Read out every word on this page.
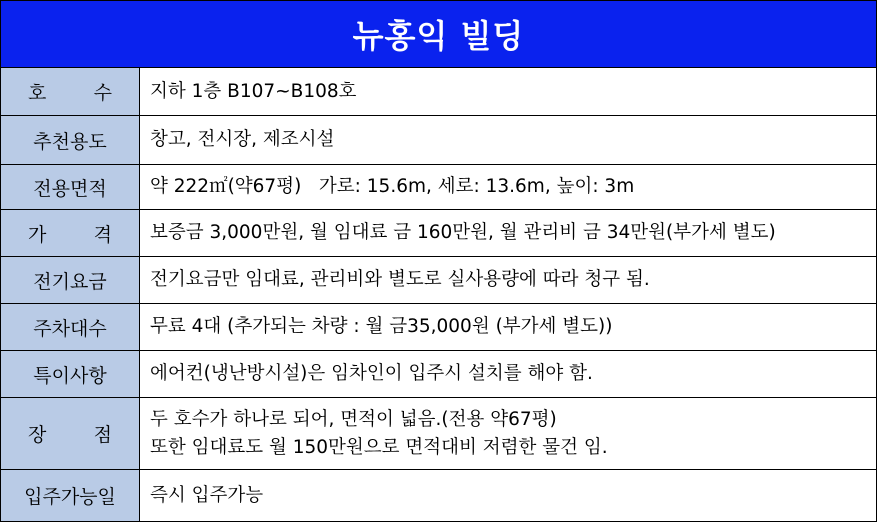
뉴홍익 빌딩
호 수	지하 1층 B107~B108호

추천용도	창고, 전시장, 제조시설

전용면적	약 222㎡(약67평)   가로: 15.6m, 세로: 13.6m, 높이: 3m

가 격	보증금 3,000만원, 월 임대료 금 160만원, 월 관리비 금 34만원(부가세 별도)

전기요금	전기요금만 임대료, 관리비와 별도로 실사용량에 따라 청구 됨.

주차대수	무료 4대 (추가되는 차량 : 월 금35,000원 (부가세 별도))

특이사항	에어컨(냉난방시설)은 임차인이 입주시 설치를 해야 함.

장 점	두 호수가 하나로 되어, 면적이 넓음.(전용 약67평)
또한 임대료도 월 150만원으로 면적대비 저렴한 물건 임.

입주가능일	즉시 입주가능
